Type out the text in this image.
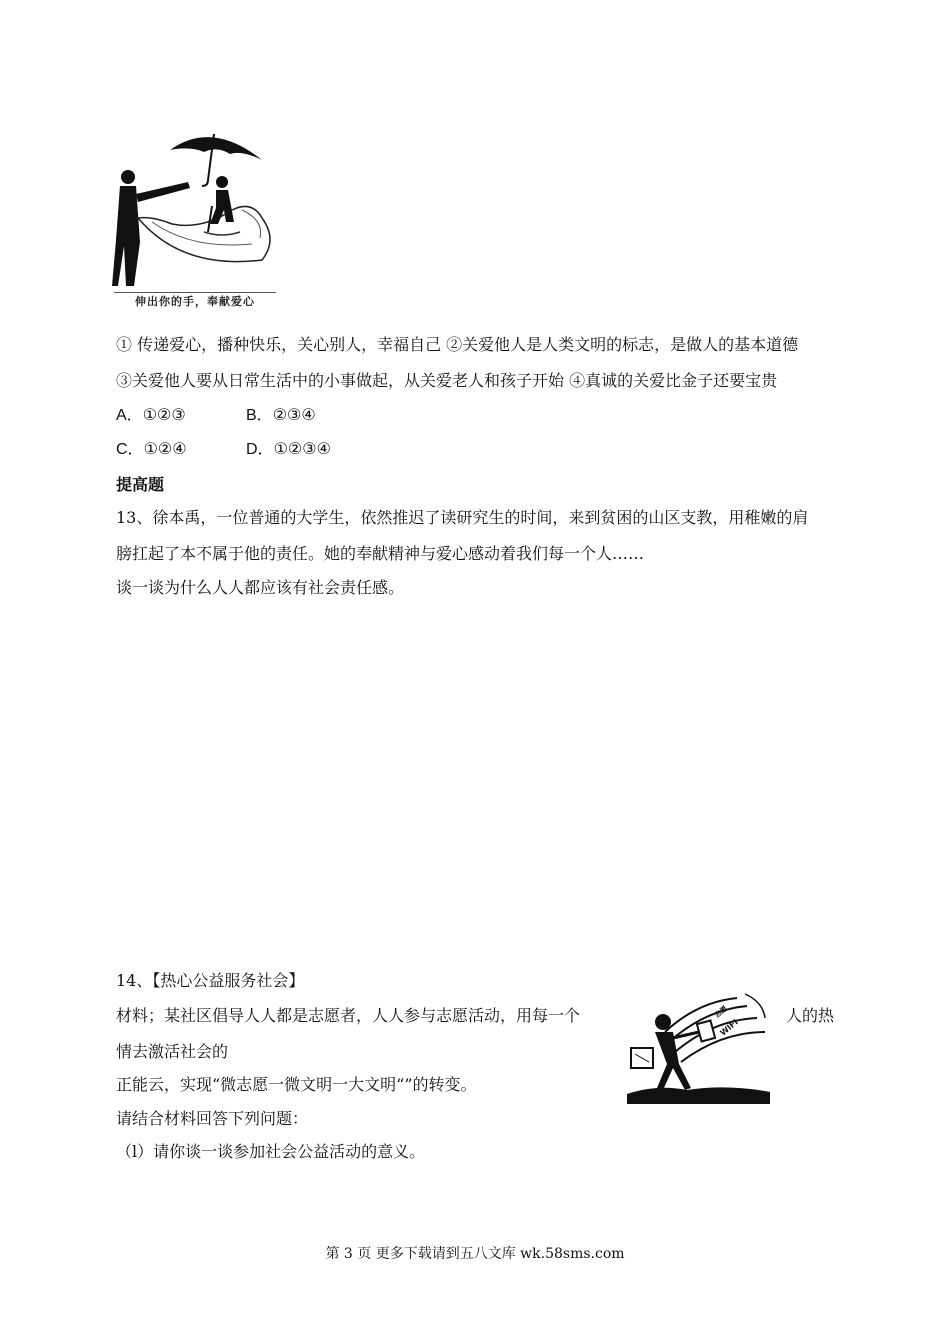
伸出你的手，奉献爱心
① 传递爱心，播种快乐，关心别人，幸福自己 ②关爱他人是人类文明的标志，是做人的基本道德
③关爱他人要从日常生活中的小事做起，从关爱老人和孩子开始 ④真诚的关爱比金子还要宝贵
A．①②③	B．②③④
C．①②④	D．①②③④
提高题
13、徐本禹，一位普通的大学生，依然推迟了读研究生的时间，来到贫困的山区支教，用稚嫩的肩
膀扛起了本不属于他的责任。她的奉献精神与爱心感动着我们每一个人……
谈一谈为什么人人都应该有社会责任感。
14、【热心公益服务社会】
材料；某社区倡导人人都是志愿者，人人参与志愿活动，用每一个	人的热
情去激活社会的
正能云，实现“微志愿一微文明一大文明“”的转变。
请结合材料回答下列问题：
（l）请你谈一谈参加社会公益活动的意义。
WIFI
志愿
第 3 页 更多下载请到五八文库 wk.58sms.com
